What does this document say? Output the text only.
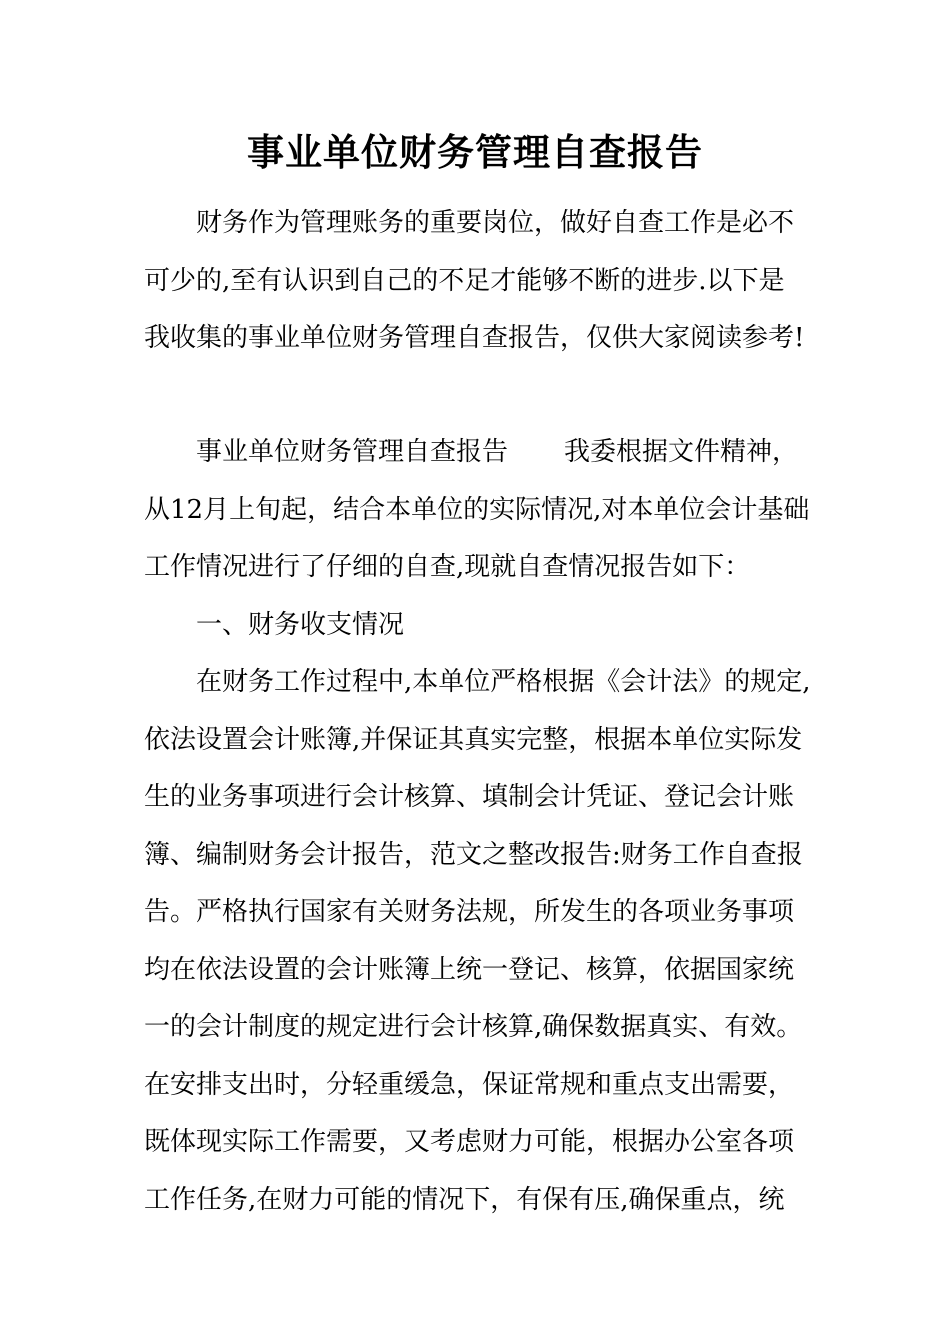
事业单位财务管理自查报告
财务作为管理账务的重要岗位，做好自查工作是必不
可少的,至有认识到自己的不足才能够不断的进步.以下是
我收集的事业单位财务管理自查报告，仅供大家阅读参考!
事业单位财务管理自查报告 我委根据文件精神，
从12月上旬起，结合本单位的实际情况,对本单位会计基础
工作情况进行了仔细的自查,现就自查情况报告如下：
一、财务收支情况
在财务工作过程中,本单位严格根据《会计法》的规定,
依法设置会计账簿,并保证其真实完整，根据本单位实际发
生的业务事项进行会计核算、填制会计凭证、登记会计账
簿、编制财务会计报告，范文之整改报告:财务工作自查报
告。严格执行国家有关财务法规，所发生的各项业务事项
均在依法设置的会计账簿上统一登记、核算，依据国家统
一的会计制度的规定进行会计核算,确保数据真实、有效。
在安排支出时，分轻重缓急，保证常规和重点支出需要，
既体现实际工作需要，又考虑财力可能，根据办公室各项
工作任务,在财力可能的情况下，有保有压,确保重点，统
